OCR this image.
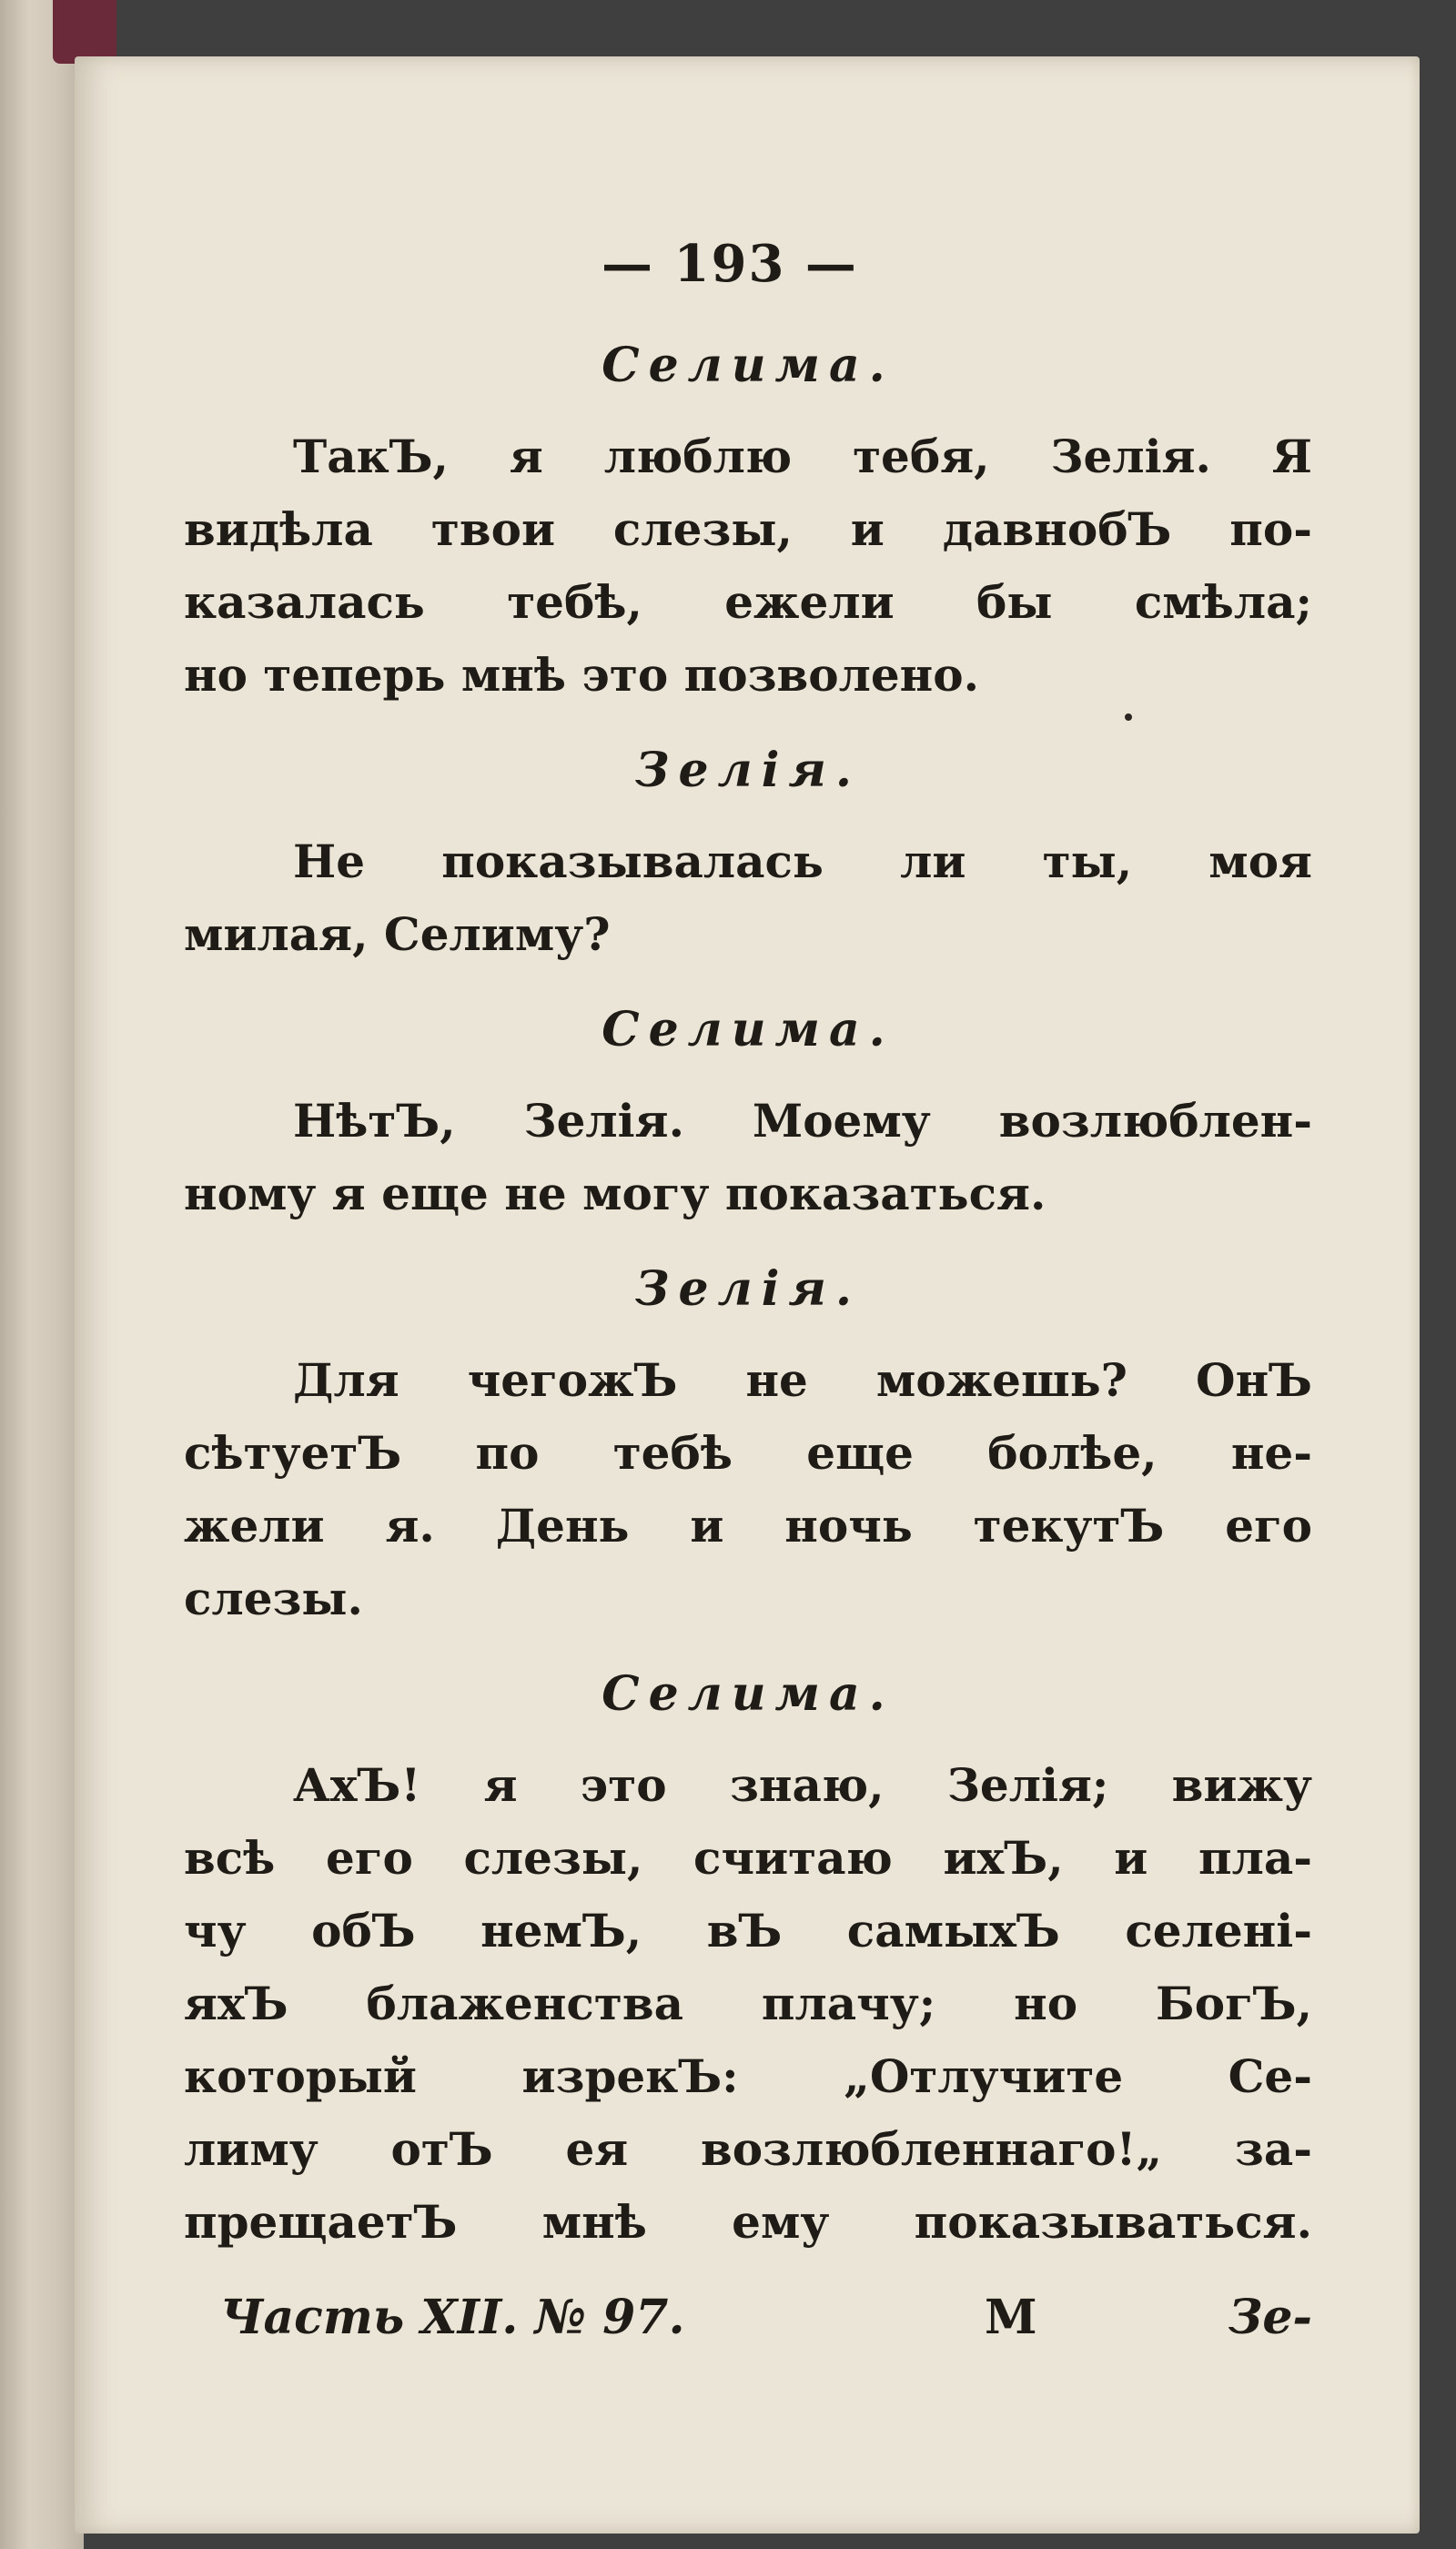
— 193 —
Селима.
ТакЪ, я люблю тебя, Зелія. Я
видѣла твои слезы, и давнобЪ по-
казалась тебѣ, ежели бы смѣла;
но теперь мнѣ это позволено.
Зелія.
Не показывалась ли ты, моя
милая, Селиму?
Селима.
НѣтЪ, Зелія. Моему возлюблен-
ному я еще не могу показаться.
Зелія.
Для чегожЪ не можешь? ОнЪ
сѣтуетЪ по тебѣ еще болѣе, не-
жели я. День и ночь текутЪ его
слезы.
Селима.
АхЪ! я это знаю, Зелія; вижу
всѣ его слезы, считаю ихЪ, и пла-
чу обЪ немЪ, вЪ самыхЪ селені-
яхЪ блаженства плачу; но БогЪ,
который изрекЪ: „Отлучите Се-
лиму отЪ ея возлюбленнаго!„ за-
прещаетЪ мнѣ ему показываться.
Часть XII. № 97.	M	Зе-
